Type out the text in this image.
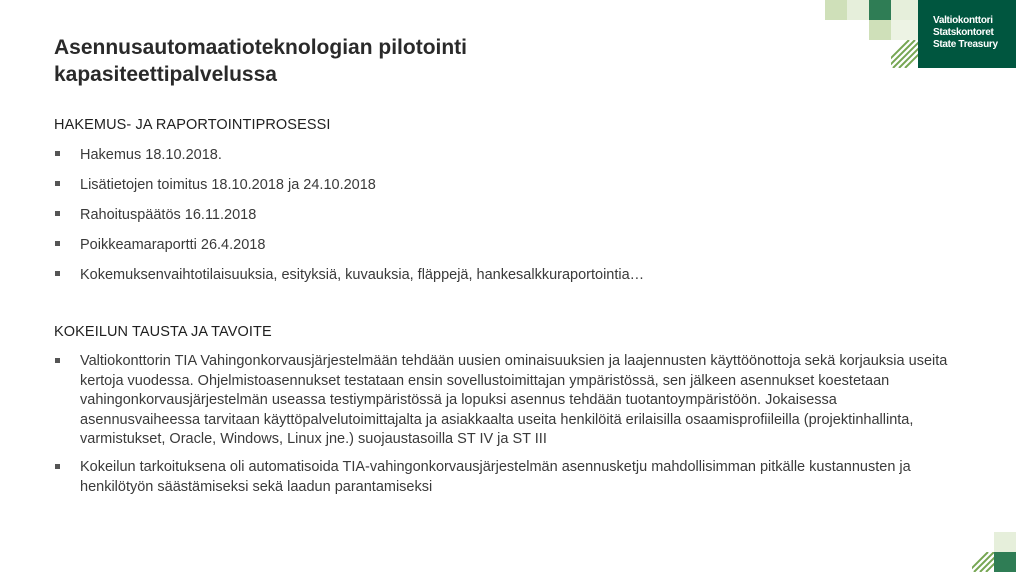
Asennusautomaatioteknologian pilotointi
kapasiteettipalvelussa
Valtiokonttori
Statskontoret
State Treasury

HAKEMUS- JA RAPORTOINTIPROSESSI

Hakemus 18.10.2018.
Lisätietojen toimitus 18.10.2018 ja 24.10.2018
Rahoituspäätös 16.11.2018
Poikkeamaraportti 26.4.2018
Kokemuksenvaihtotilaisuuksia, esityksiä, kuvauksia, fläppejä, hankesalkkuraportointia…

KOKEILUN TAUSTA JA TAVOITE

Valtiokonttorin TIA Vahingonkorvausjärjestelmään tehdään uusien ominaisuuksien ja laajennusten käyttöönottoja sekä korjauksia useita kertoja vuodessa. Ohjelmistoasennukset testataan ensin sovellustoimittajan ympäristössä, sen jälkeen asennukset koestetaan vahingonkorvausjärjestelmän useassa testiympäristössä ja lopuksi asennus tehdään tuotantoympäristöön. Jokaisessa asennusvaiheessa tarvitaan käyttöpalvelutoimittajalta ja asiakkaalta useita henkilöitä erilaisilla osaamisprofiileilla (projektinhallinta, varmistukset, Oracle, Windows, Linux jne.) suojaustasoilla ST IV ja ST III
Kokeilun tarkoituksena oli automatisoida TIA-vahingonkorvausjärjestelmän asennusketju mahdollisimman pitkälle kustannusten ja henkilötyön säästämiseksi sekä laadun parantamiseksi
